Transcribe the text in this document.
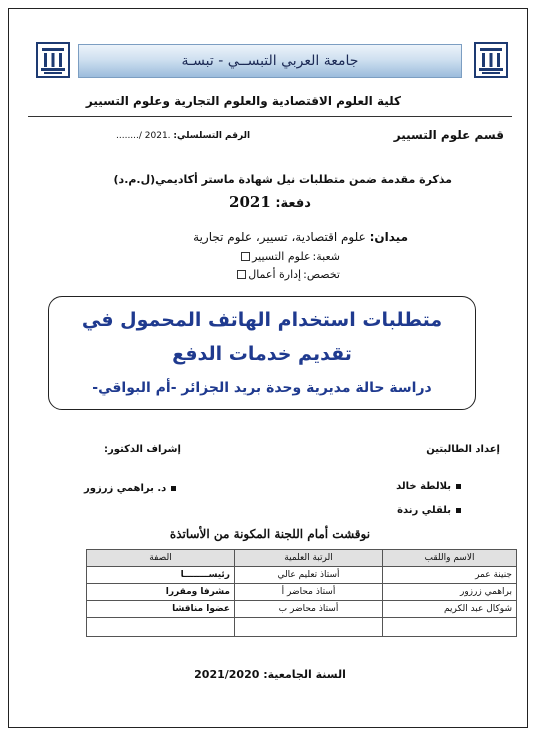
جامعة العربي التبســي - تبسـة
كلية العلوم الاقتصادية والعلوم التجارية وعلوم التسيير
قسم علوم التسيير
......../ 2021. الرقم التسلسلي:
مذكرة مقدمة ضمن متطلبات نيل شهادة ماستر أكاديمي(ل.م.د)
دفعة: 2021
ميدان: علوم اقتصادية، تسيير، علوم تجارية
شعبة:
علوم التسيير
تخصص:
إدارة أعمال
متطلبات استخدام الهاتف المحمول في
تقديم خدمات الدفع
دراسة حالة مديرية وحدة بريد الجزائر -أم البواقي-
إعداد الطالبتين
إشراف الدكتور:
بلالطة خالد
بلقلي رندة
د. براهمي زرزور
نوقشت أمام اللجنة المكونة من الأساتذة
الاسم واللقب	الرتبة العلمية	الصفة
جنينة عمر	أستاذ تعليم عالي	رئيســــــــا
براهمي زرزور	أستاذ محاضر أ	مشرفا ومقررا
شوكال عبد الكريم	أستاذ محاضر ب	عضوا مناقشا

السنة الجامعية: 2021/2020
